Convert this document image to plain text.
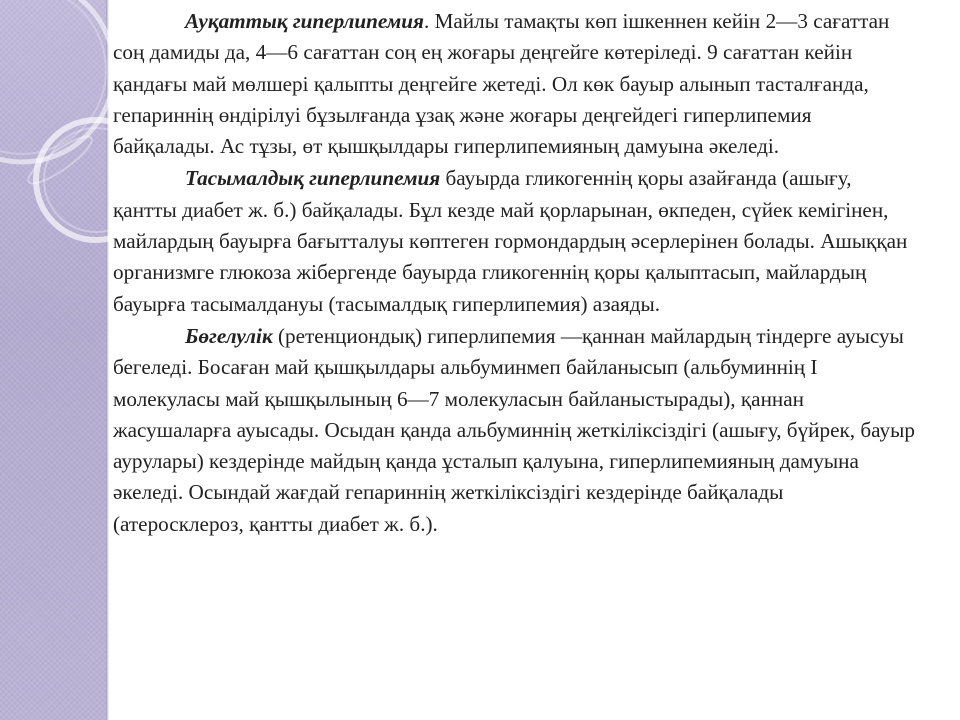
Ауқаттық гиперлипемия. Майлы тамақты көп ішкеннен кейін 2—3 сағаттан соң дамиды да, 4—6 сағаттан соң ең жоғары деңгейге көтеріледі. 9 сағаттан кейін қандағы май мөлшері қалыпты деңгейге жетеді. Ол көк бауыр алынып тасталғанда, гепариннің өндірілуі бұзылғанда ұзақ және жоғары деңгейдегі гиперлипемия байқалады. Ас тұзы, өт қышқылдары гиперлипемияның дамуына әкеледі.

Тасымалдық гиперлипемия бауырда гликогеннің қоры азайғанда (ашығу, қантты диабет ж. б.) байқалады. Бұл кезде май қорларынан, өкпеден, сүйек кемігінен, майлардың бауырға бағытталуы көптеген гормондардың әсерлерінен болады. Ашыққан организмге глюкоза жібергенде бауырда гликогеннің қоры қалыптасып, майлардың бауырға тасымалдануы (тасымалдық гиперлипемия) азаяды.

Бөгелулік (ретенциондық) гиперлипемия —қаннан майлардың тіндерге ауысуы бегеледі. Босаған май қышқылдары альбуминмеп байланысып (альбуминнің I молекуласы май қышқылының 6—7 молекуласын байланыстырады), қаннан жасушаларға ауысады. Осыдан қанда альбуминнің жеткіліксіздігі (ашығу, бүйрек, бауыр аурулары) кездерінде майдың қанда ұсталып қалуына, гиперлипемияның дамуына әкеледі. Осындай жағдай гепариннің жеткіліксіздігі кездерінде байқалады (атеросклероз, қантты диабет ж. б.).
